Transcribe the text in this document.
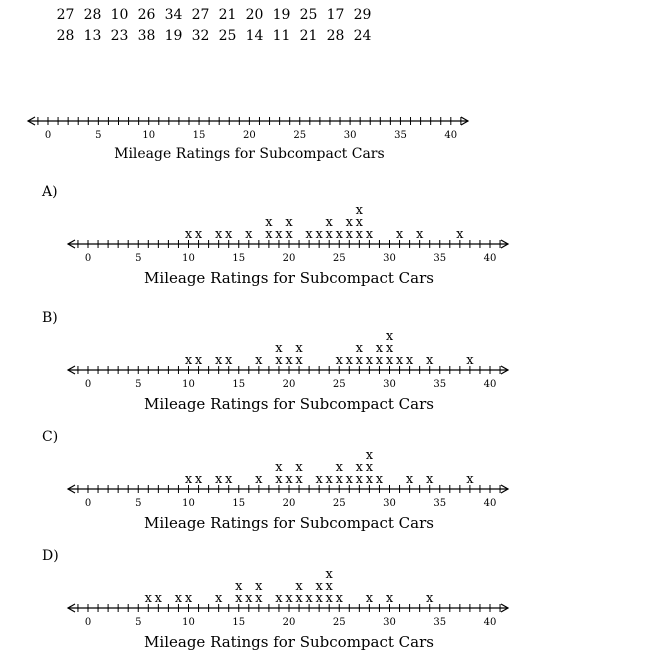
27	28	10	26	34	27	21	20	19	25	17	29
28	13	23	38	19	32	25	14	11	21	28	24
0	5	10	15	20	25	30	35	40
Mileage Ratings for Subcompact Cars
A)
0	5	10	15	20	25	30	35	40
Mileage Ratings for Subcompact Cars
x x x x x x
x
x x
x
x x x
x
x x
x
x
x
x
x x x	x
B)
0	5	10	15	20	25	30	35	40
Mileage Ratings for Subcompact Cars
x x x x x x
x
x x
x
x x x
x
x x
x
x
x
x
x x x	x
C)
0	5	10	15	20	25	30	35	40
Mileage Ratings for Subcompact Cars
x x x x x x
x
x x
x
x x x
x
x x
x
x
x
x
x x x	x
D)
0	5	10	15	20	25	30	35	40
Mileage Ratings for Subcompact Cars
x x x x x x
x
x x
x
x x x
x
x x
x
x
x
x
x x x	x
